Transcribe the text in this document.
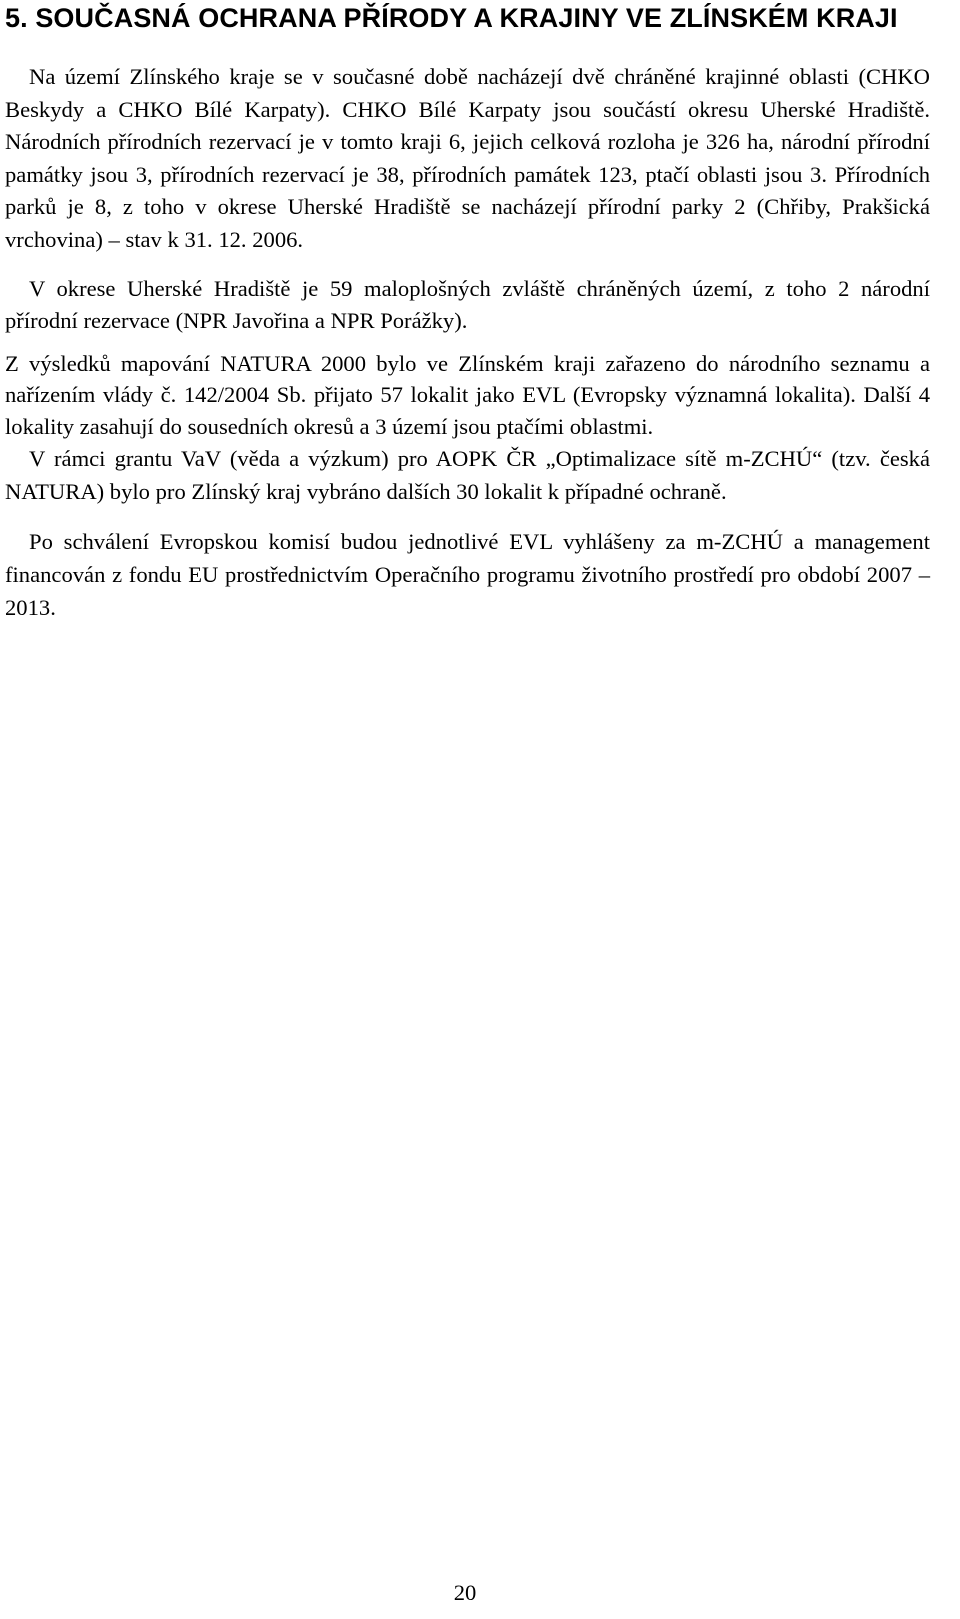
5. SOUČASNÁ OCHRANA PŘÍRODY A KRAJINY VE ZLÍNSKÉM KRAJI

Na území Zlínského kraje se v současné době nacházejí dvě chráněné krajinné oblasti (CHKO Beskydy a CHKO Bílé Karpaty). CHKO Bílé Karpaty jsou součástí okresu Uherské Hradiště. Národních přírodních rezervací je v tomto kraji 6, jejich celková rozloha je 326 ha, národní přírodní památky jsou 3, přírodních rezervací je 38, přírodních památek 123, ptačí oblasti jsou 3. Přírodních parků je 8, z toho v okrese Uherské Hradiště se nacházejí přírodní parky 2 (Chřiby, Prakšická vrchovina) – stav k 31. 12. 2006.

V okrese Uherské Hradiště je 59 maloplošných zvláště chráněných území, z toho 2 národní přírodní rezervace (NPR Javořina a NPR Porážky).

Z výsledků mapování NATURA 2000 bylo ve Zlínském kraji zařazeno do národního seznamu a nařízením vlády č. 142/2004 Sb. přijato 57 lokalit jako EVL (Evropsky významná lokalita). Další 4 lokality zasahují do sousedních okresů a 3 území jsou ptačími oblastmi.

V rámci grantu VaV (věda a výzkum) pro AOPK ČR „Optimalizace sítě m-ZCHÚ“ (tzv. česká NATURA) bylo pro Zlínský kraj vybráno dalších 30 lokalit k případné ochraně.

Po schválení Evropskou komisí budou jednotlivé EVL vyhlášeny za m-ZCHÚ a management financován z fondu EU prostřednictvím Operačního programu životního prostředí pro období 2007 – 2013.

20
